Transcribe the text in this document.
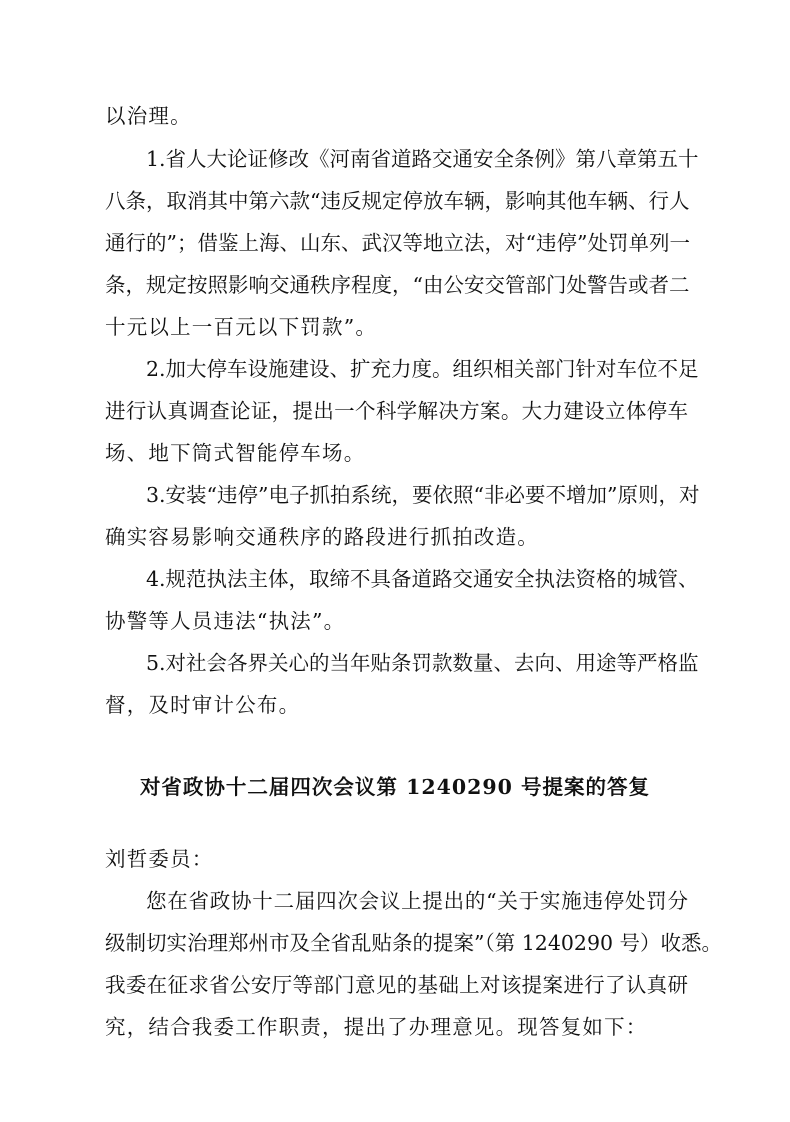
以治理。
1.省人大论证修改《河南省道路交通安全条例》第八章第五十
八条，取消其中第六款“违反规定停放车辆，影响其他车辆、行人
通行的”；借鉴上海、山东、武汉等地立法，对“违停”处罚单列一
条，规定按照影响交通秩序程度，“由公安交管部门处警告或者二
十元以上一百元以下罚款”。
2.加大停车设施建设、扩充力度。组织相关部门针对车位不足
进行认真调查论证，提出一个科学解决方案。大力建设立体停车
场、地下筒式智能停车场。
3.安装“违停”电子抓拍系统，要依照“非必要不增加”原则，对
确实容易影响交通秩序的路段进行抓拍改造。
4.规范执法主体，取缔不具备道路交通安全执法资格的城管、
协警等人员违法“执法”。
5.对社会各界关心的当年贴条罚款数量、去向、用途等严格监
督，及时审计公布。
对省政协十二届四次会议第 1240290 号提案的答复
刘哲委员：
您在省政协十二届四次会议上提出的“关于实施违停处罚分
级制切实治理郑州市及全省乱贴条的提案”（第 1240290 号）收悉。
我委在征求省公安厅等部门意见的基础上对该提案进行了认真研
究，结合我委工作职责，提出了办理意见。现答复如下：
